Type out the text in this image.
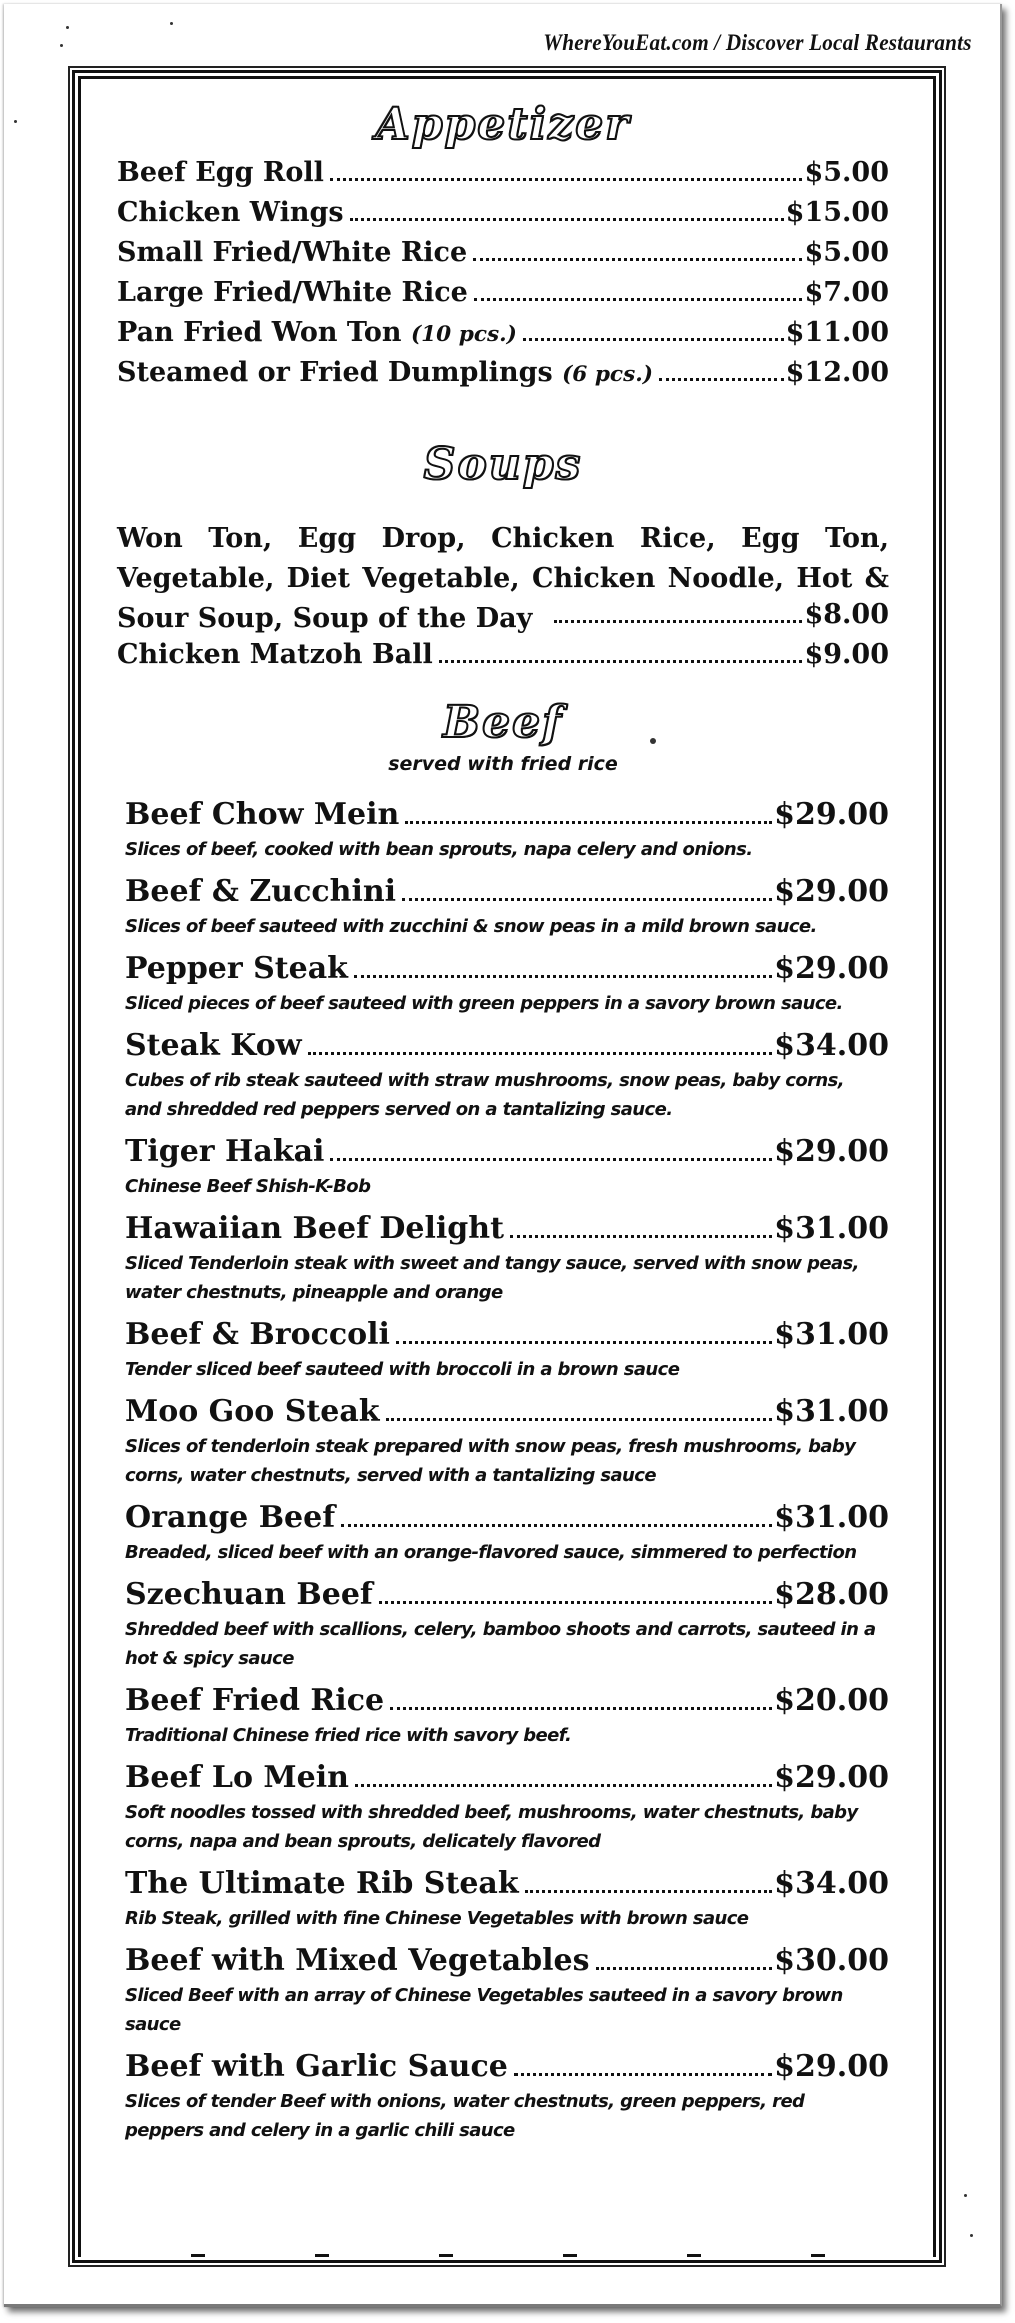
WhereYouEat.com / Discover Local Restaurants
Appetizer
Beef Egg Roll	$5.00
Chicken Wings	$15.00
Small Fried/White Rice	$5.00
Large Fried/White Rice	$7.00
Pan Fried Won Ton (10 pcs.)	$11.00
Steamed or Fried Dumplings (6 pcs.)	$12.00
Soups
Won Ton, Egg Drop, Chicken Rice, Egg Ton, Vegetable, Diet Vegetable, Chicken Noodle, Hot & Sour Soup, Soup of the Day	$8.00
Chicken Matzoh Ball	$9.00
Beef
served with fried rice
Beef Chow Mein	$29.00
Slices of beef, cooked with bean sprouts, napa celery and onions.
Beef & Zucchini	$29.00
Slices of beef sauteed with zucchini & snow peas in a mild brown sauce.
Pepper Steak	$29.00
Sliced pieces of beef sauteed with green peppers in a savory brown sauce.
Steak Kow	$34.00
Cubes of rib steak sauteed with straw mushrooms, snow peas, baby corns, and shredded red peppers served on a tantalizing sauce.
Tiger Hakai	$29.00
Chinese Beef Shish-K-Bob
Hawaiian Beef Delight	$31.00
Sliced Tenderloin steak with sweet and tangy sauce, served with snow peas, water chestnuts, pineapple and orange
Beef & Broccoli	$31.00
Tender sliced beef sauteed with broccoli in a brown sauce
Moo Goo Steak	$31.00
Slices of tenderloin steak prepared with snow peas, fresh mushrooms, baby corns, water chestnuts, served with a tantalizing sauce
Orange Beef	$31.00
Breaded, sliced beef with an orange-flavored sauce, simmered to perfection
Szechuan Beef	$28.00
Shredded beef with scallions, celery, bamboo shoots and carrots, sauteed in a hot & spicy sauce
Beef Fried Rice	$20.00
Traditional Chinese fried rice with savory beef.
Beef Lo Mein	$29.00
Soft noodles tossed with shredded beef, mushrooms, water chestnuts, baby corns, napa and bean sprouts, delicately flavored
The Ultimate Rib Steak	$34.00
Rib Steak, grilled with fine Chinese Vegetables with brown sauce
Beef with Mixed Vegetables	$30.00
Sliced Beef with an array of Chinese Vegetables sauteed in a savory brown sauce
Beef with Garlic Sauce	$29.00
Slices of tender Beef with onions, water chestnuts, green peppers, red peppers and celery in a garlic chili sauce
